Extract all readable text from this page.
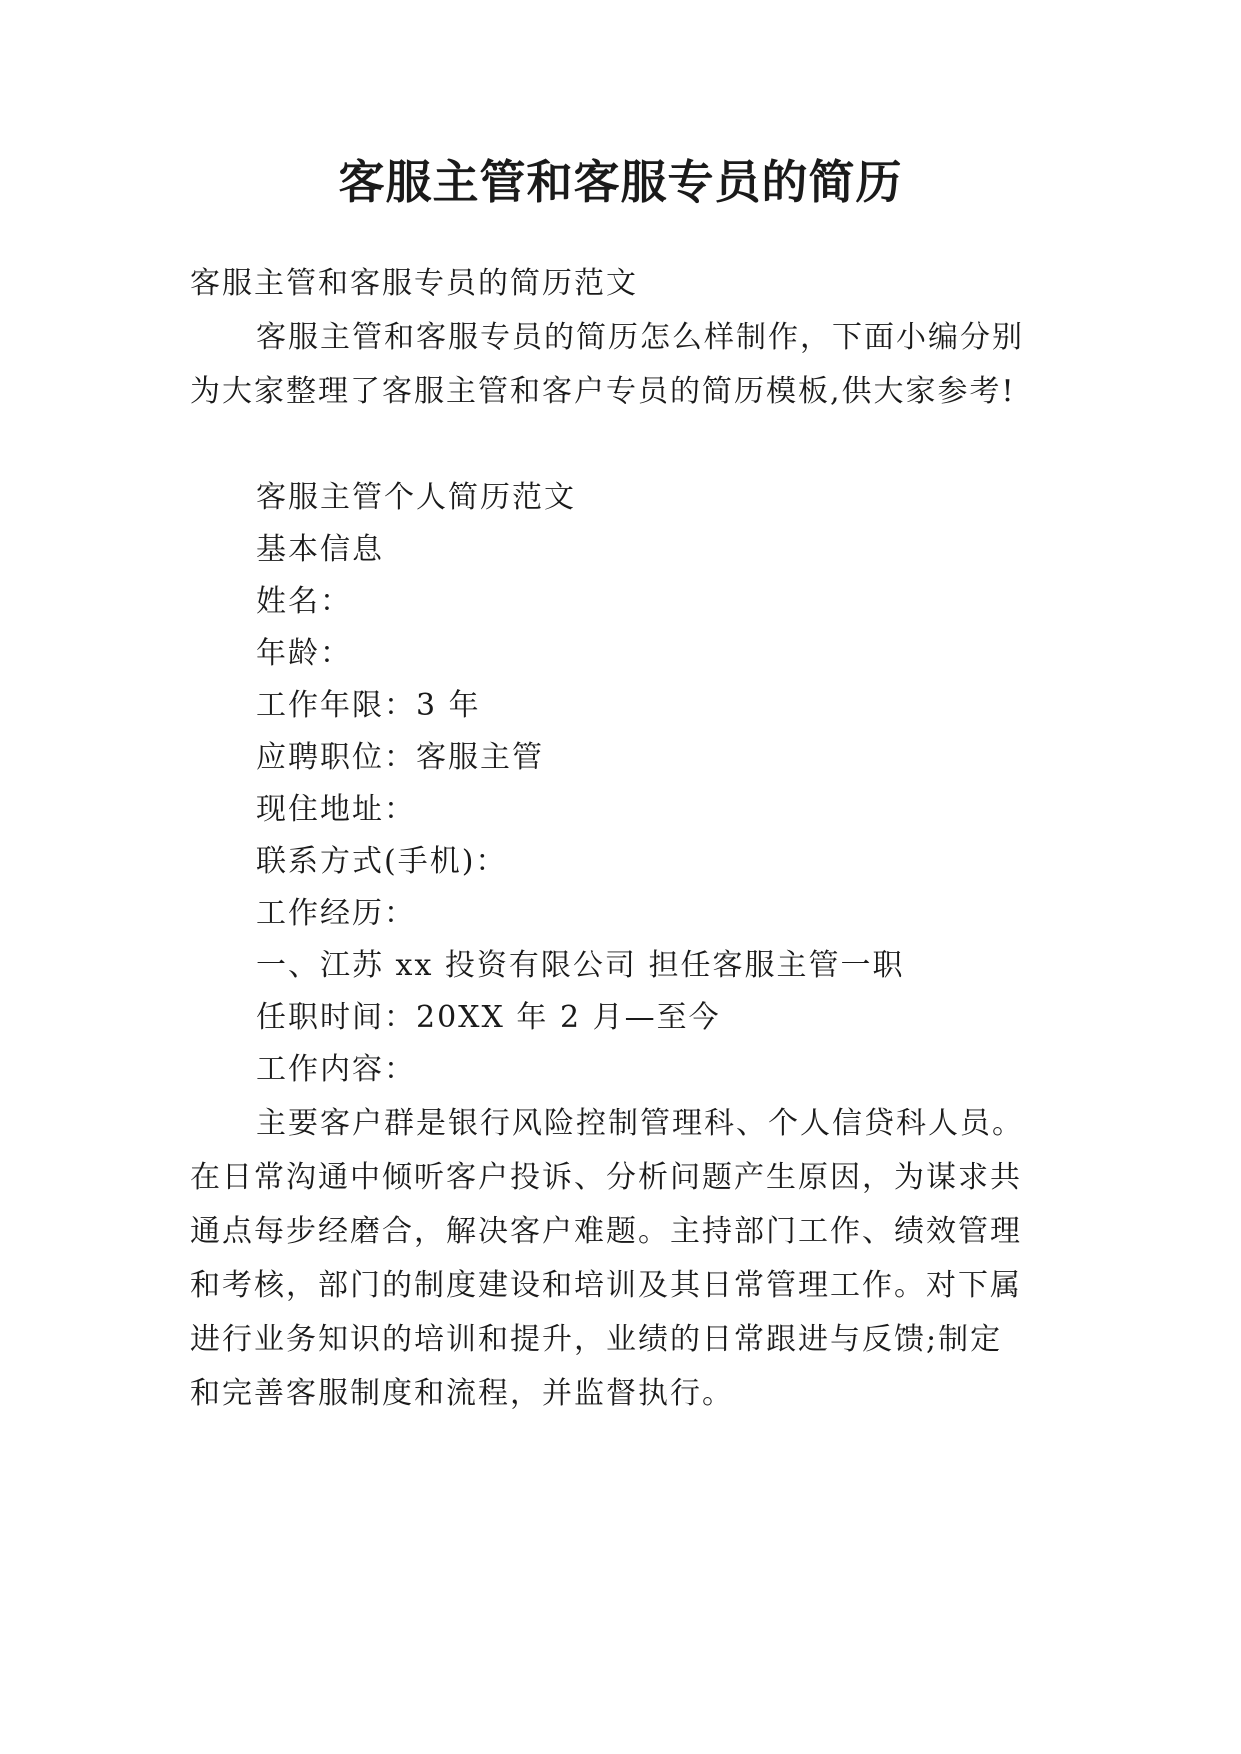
客服主管和客服专员的简历
客服主管和客服专员的简历范文
客服主管和客服专员的简历怎么样制作，下面小编分别
为大家整理了客服主管和客户专员的简历模板,供大家参考!
客服主管个人简历范文
基本信息
姓名：
年龄：
工作年限：3 年
应聘职位：客服主管
现住地址：
联系方式(手机)：
工作经历：
一、江苏 xx 投资有限公司 担任客服主管一职
任职时间：20XX 年 2 月—至今
工作内容：
主要客户群是银行风险控制管理科、个人信贷科人员。
在日常沟通中倾听客户投诉、分析问题产生原因，为谋求共
通点每步经磨合，解决客户难题。主持部门工作、绩效管理
和考核，部门的制度建设和培训及其日常管理工作。对下属
进行业务知识的培训和提升，业绩的日常跟进与反馈;制定
和完善客服制度和流程，并监督执行。
